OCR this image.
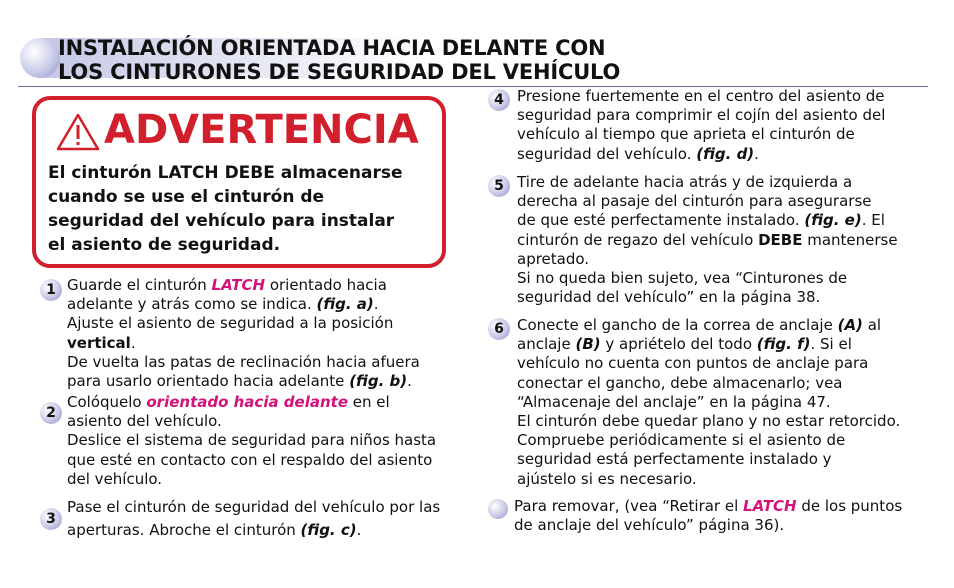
INSTALACIÓN ORIENTADA HACIA DELANTE CON
LOS CINTURONES DE SEGURIDAD DEL VEHÍCULO
ADVERTENCIA
El cinturón LATCH DEBE almacenarse
cuando se use el cinturón de
seguridad del vehículo para instalar
el asiento de seguridad.
1 Guarde el cinturón LATCH orientado hacia
adelante y atrás como se indica. (fig. a).
Ajuste el asiento de seguridad a la posición
vertical.
De vuelta las patas de reclinación hacia afuera
para usarlo orientado hacia adelante (fig. b).
2
Colóquelo orientado hacia delante en el
asiento del vehículo.
Deslice el sistema de seguridad para niños hasta
que esté en contacto con el respaldo del asiento
del vehículo.
3
Pase el cinturón de seguridad del vehículo por las
aperturas. Abroche el cinturón (fig. c).
4 Presione fuertemente en el centro del asiento de
seguridad para comprimir el cojín del asiento del
vehículo al tiempo que aprieta el cinturón de
seguridad del vehículo. (fig. d).
5 Tire de adelante hacia atrás y de izquierda a
derecha al pasaje del cinturón para asegurarse
de que esté perfectamente instalado. (fig. e). El
cinturón de regazo del vehículo DEBE mantenerse
apretado.
Si no queda bien sujeto, vea “Cinturones de
seguridad del vehículo” en la página 38.
6 Conecte el gancho de la correa de anclaje (A) al
anclaje (B) y apriételo del todo (fig. f). Si el
vehículo no cuenta con puntos de anclaje para
conectar el gancho, debe almacenarlo; vea
“Almacenaje del anclaje” en la página 47.
El cinturón debe quedar plano y no estar retorcido.
Compruebe periódicamente si el asiento de
seguridad está perfectamente instalado y
ajústelo si es necesario.
Para removar, (vea “Retirar el LATCH de los puntos
de anclaje del vehículo” página 36).
